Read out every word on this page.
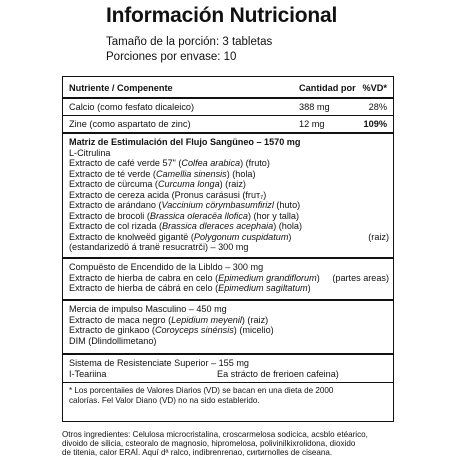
Información Nutricional
Tamaño de la porción: 3 tabletas
Porciones por envase: 10
Nutriente / Compenente	Cantidad por %VD*
Calcio (como fesfato dicaleico)	388 mg	28%
Zine (como aspartato de zinc)	12 mg	109%
Matriz de Estimulación del Flujo Sangüneo – 1570 mg
L-Citrulina
Extracto de café verde 57" (Colfea arabica) (fruto)
Extracto de té verde (Camellia sinensis) (hola)
Extracto de cürcuma (Curcuma longa) (raiz)
Extracto de cereza acida (Pronus carásusi (fruт₇)
Extracto de arándano (Vaccinium cörymbasumfirizl (huto)
Extracto de brocoli (Brassica oleracëa llofica) (hor y talla)
Extracto de col rizada (Brassica dleraces acephaia) (hola)
Extracto de knolweëd gigantë (Polygonum cuspidatum)	(raiz)
(estandarizedö á tranë resucratrči) – 300 mg
Compuësto de Encendido de la Libldo – 300 mg
Extracto de hierba de cabra en celo (Epimedium grandiflorum) (partes areas)
Extracto de hierba de cábrá en celo (Epimedium sagiltatum)
Mercia de impulso Masculino – 450 mg
Extracto de maca negro (Lepidium meyenil) (raiz)
Extracto de ginkaoo (Coroyceps sinénsis) (micelio)
DIM (Dlindollimetano)
Sistema de Resistenciate Superior – 155 mg
I-Teariina	Ea strácto de frerioen cafeina)
* Los porcentaiies de Valores Diarios (VD) se bacan en una dieta de 2000
calorías. Fel Valor Diano (VD) no na sido establerido.
Otros ingredientes: Celulosa microcristalina, croscarmelosa sodicica, acsblo etéarico,
divoido de silicia, csteoralo de magnosio, hipromelosa, polivinilkixrolidona, dioxido
de titenia, calor ERAİ. Aquí dª ralco, indibrenreпao, cиrtиrnolles de ciseana.
